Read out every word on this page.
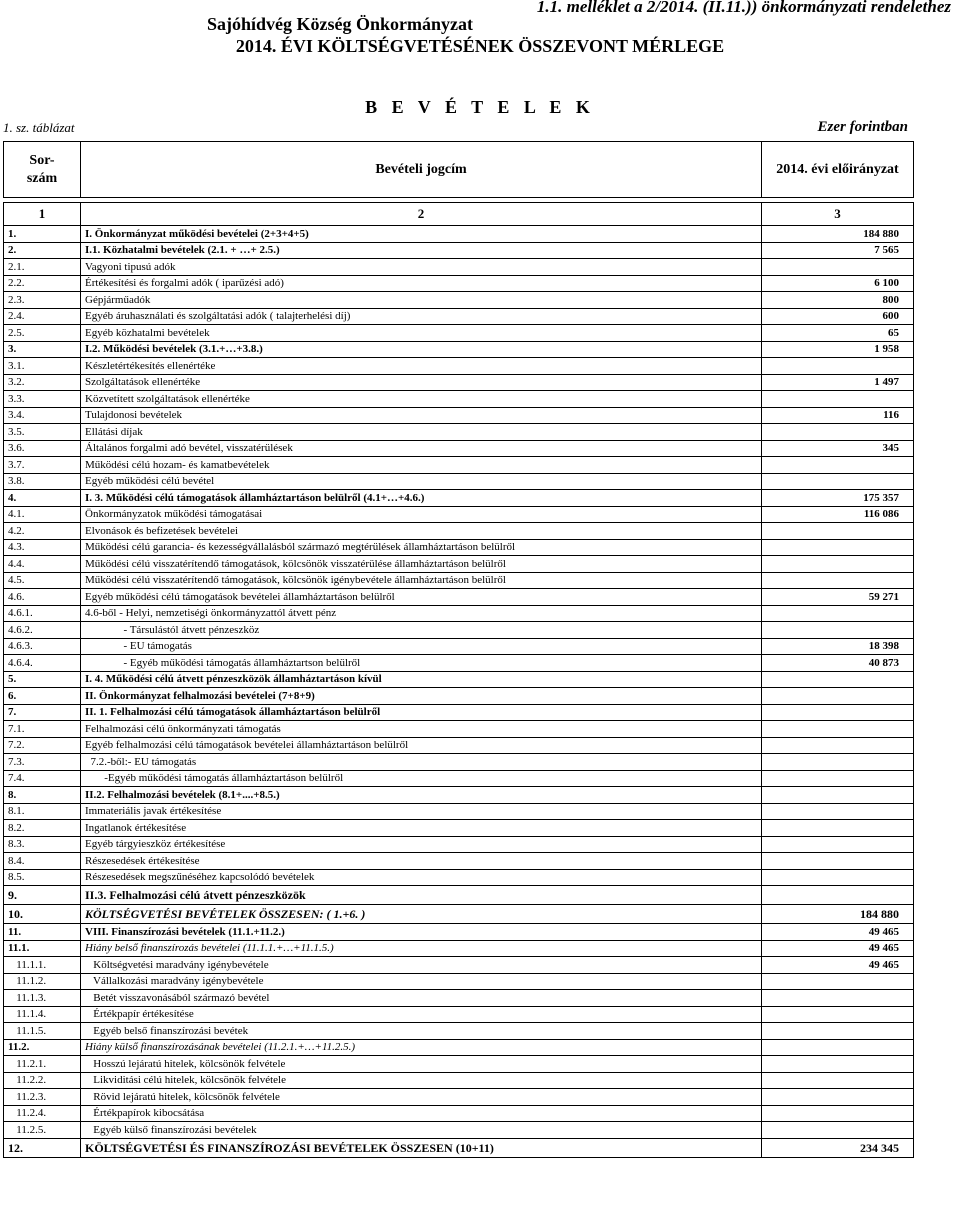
1.1. melléklet a 2/2014. (II.11.)) önkormányzati rendelethez
Sajóhídvég Község Önkormányzat
2014. ÉVI KÖLTSÉGVETÉSÉNEK ÖSSZEVONT MÉRLEGE
B E V É T E L E K
1. sz. táblázat	Ezer forintban
Sor-
szám	Bevételi jogcím	2014. évi előirányzat

1	2	3
1.	I. Önkormányzat működési bevételei (2+3+4+5)	184 880
2.	I.1. Közhatalmi bevételek (2.1. + …+ 2.5.)	7 565
2.1.	Vagyoni tipusú adók	
2.2.	Értékesítési és forgalmi adók ( iparűzési adó)	6 100
2.3.	Gépjárműadók	800
2.4.	Egyéb áruhasználati és szolgáltatási adók ( talajterhelési díj)	600
2.5.	Egyéb közhatalmi bevételek	65
3.	I.2. Működési bevételek (3.1.+…+3.8.)	1 958
3.1.	Készletértékesítés ellenértéke	
3.2.	Szolgáltatások ellenértéke	1 497
3.3.	Közvetített szolgáltatások ellenértéke	
3.4.	Tulajdonosi bevételek	116
3.5.	Ellátási díjak	
3.6.	Általános forgalmi adó bevétel, visszatérülések	345
3.7.	Működési célú hozam- és kamatbevételek	
3.8.	Egyéb működési célú bevétel	
4.	I. 3. Működési célú támogatások államháztartáson belülről (4.1+…+4.6.)	175 357
4.1.	Önkormányzatok működési támogatásai	116 086
4.2.	Elvonások és befizetések bevételei	
4.3.	Működési célú garancia- és kezességvállalásból származó megtérülések államháztartáson belülről	
4.4.	Működési célú visszatérítendő támogatások, kölcsönök visszatérülése államháztartáson belülről	
4.5.	Működési célú visszatérítendő támogatások, kölcsönök igénybevétele államháztartáson belülről	
4.6.	Egyéb működési célú támogatások bevételei államháztartáson belülről	59 271
4.6.1.	4.6-ből - Helyi, nemzetiségi önkormányzattól átvett pénz	
4.6.2.	- Társulástól átvett pénzeszköz	
4.6.3.	- EU támogatás	18 398
4.6.4.	- Egyéb működési támogatás államháztartson belülről	40 873
5.	I. 4. Működési célú átvett pénzeszközök államháztartáson kívül	
6.	II. Önkormányzat felhalmozási bevételei (7+8+9)	
7.	II. 1. Felhalmozási célú támogatások államháztartáson belülről	
7.1.	Felhalmozási célú önkormányzati támogatás	
7.2.	Egyéb felhalmozási célú támogatások bevételei államháztartáson belülről	
7.3.	7.2.-ből:- EU támogatás	
7.4.	-Egyéb működési támogatás államháztartáson belülről	
8.	II.2. Felhalmozási bevételek (8.1+....+8.5.)	
8.1.	Immateriális javak értékesítése	
8.2.	Ingatlanok értékesítése	
8.3.	Egyéb tárgyieszköz értékesítése	
8.4.	Részesedések értékesítése	
8.5.	Részesedések megszűnéséhez kapcsolódó bevételek	
9.	II.3. Felhalmozási célú átvett pénzeszközök	
10.	KÖLTSÉGVETÉSI BEVÉTELEK ÖSSZESEN: ( 1.+6. )	184 880
11.	VIII. Finanszírozási bevételek (11.1.+11.2.)	49 465
11.1.	Hiány belső finanszírozás bevételei (11.1.1.+…+11.1.5.)	49 465
11.1.1.	Költségvetési maradvány igénybevétele	49 465
11.1.2.	Vállalkozási maradvány igénybevétele	
11.1.3.	Betét visszavonásából származó bevétel	
11.1.4.	Értékpapír értékesítése	
11.1.5.	Egyéb belső finanszírozási bevétek	
11.2.	Hiány külső finanszírozásának bevételei (11.2.1.+…+11.2.5.)	
11.2.1.	Hosszú lejáratú hitelek, kölcsönök felvétele	
11.2.2.	Likviditási célú hitelek, kölcsönök felvétele	
11.2.3.	Rövid lejáratú hitelek, kölcsönök felvétele	
11.2.4.	Értékpapírok kibocsátása	
11.2.5.	Egyéb külső finanszírozási bevételek	
12.	KÖLTSÉGVETÉSI ÉS FINANSZÍROZÁSI BEVÉTELEK ÖSSZESEN (10+11)	234 345
